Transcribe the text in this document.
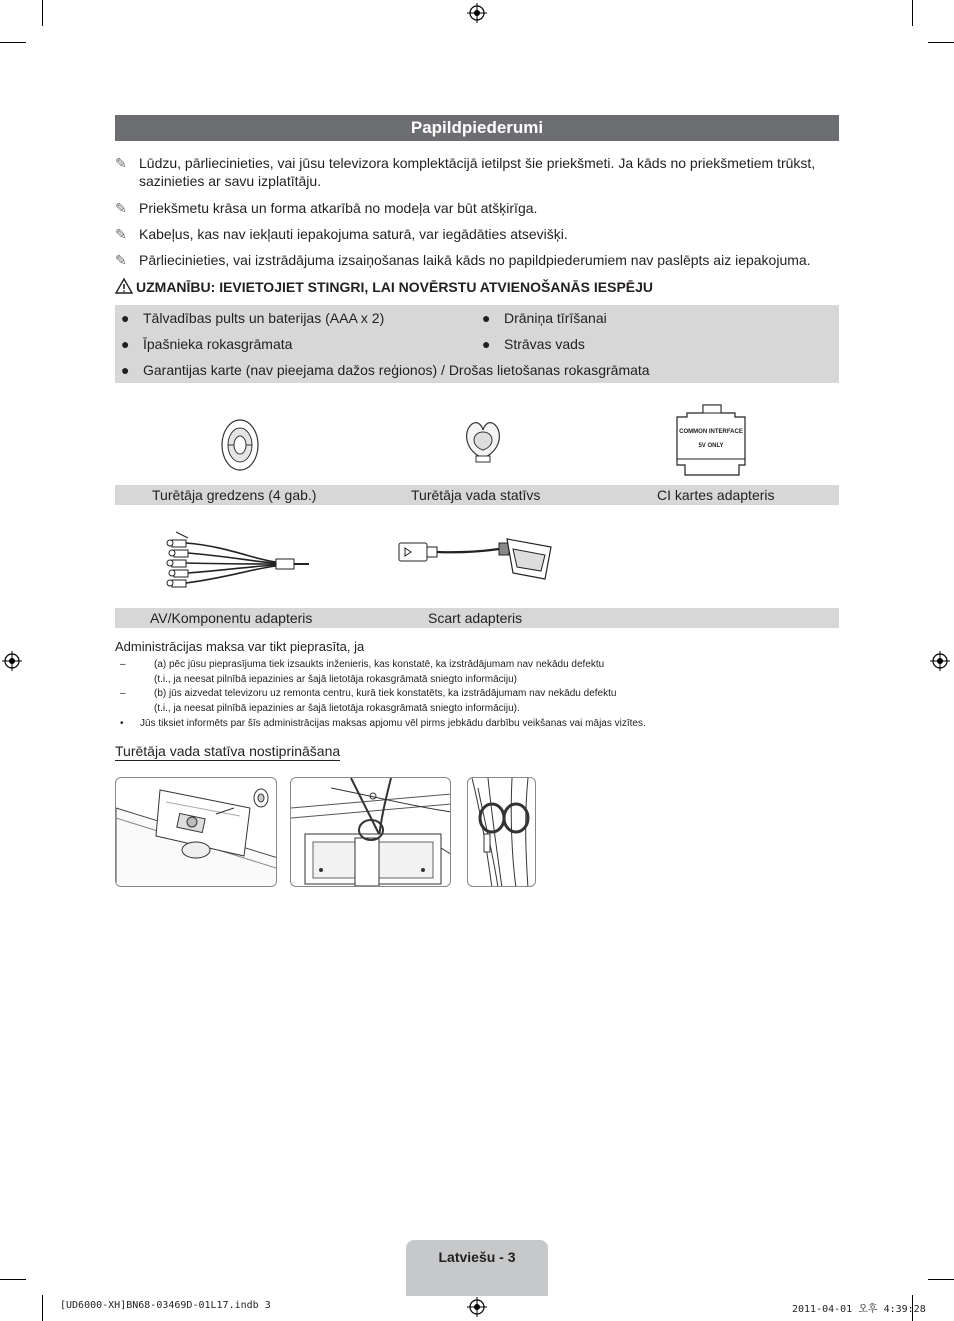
Papildpiederumi
✎ Lūdzu, pārliecinieties, vai jūsu televizora komplektācijā ietilpst šie priekšmeti. Ja kāds no priekšmetiem trūkst, sazinieties ar savu izplatītāju.
✎ Priekšmetu krāsa un forma atkarībā no modeļa var būt atšķirīga.
✎ Kabeļus, kas nav iekļauti iepakojuma saturā, var iegādāties atsevišķi.
✎ Pārliecinieties, vai izstrādājuma izsaiņošanas laikā kāds no papildpiederumiem nav paslēpts aiz iepakojuma.
UZMANĪBU: IEVIETOJIET STINGRI, LAI NOVĒRSTU ATVIENOŠANĀS IESPĒJU
● Tālvadības pults un baterijas (AAA x 2)	● Drāniņa tīrīšanai
● Īpašnieka rokasgrāmata	● Strāvas vads
● Garantijas karte (nav pieejama dažos reģionos) / Drošas lietošanas rokasgrāmata
COMMON INTERFACE
5V ONLY
Turētāja gredzens (4 gab.)	Turētāja vada statīvs	CI kartes adapteris
AV/Komponentu adapteris	Scart adapteris
Administrācijas maksa var tikt pieprasīta, ja
–	(a) pēc jūsu pieprasījuma tiek izsaukts inženieris, kas konstatē, ka izstrādājumam nav nekādu defektu
(t.i., ja neesat pilnībā iepazinies ar šajā lietotāja rokasgrāmatā sniegto informāciju)
–	(b) jūs aizvedat televizoru uz remonta centru, kurā tiek konstatēts, ka izstrādājumam nav nekādu defektu
(t.i., ja neesat pilnībā iepazinies ar šajā lietotāja rokasgrāmatā sniegto informāciju).
• Jūs tiksiet informēts par šīs administrācijas maksas apjomu vēl pirms jebkādu darbību veikšanas vai mājas vizītes.
Turētāja vada statīva nostiprināšana
Latviešu - 3
[UD6000-XH]BN68-03469D-01L17.indb 3	2011-04-01 오후 4:39:28
